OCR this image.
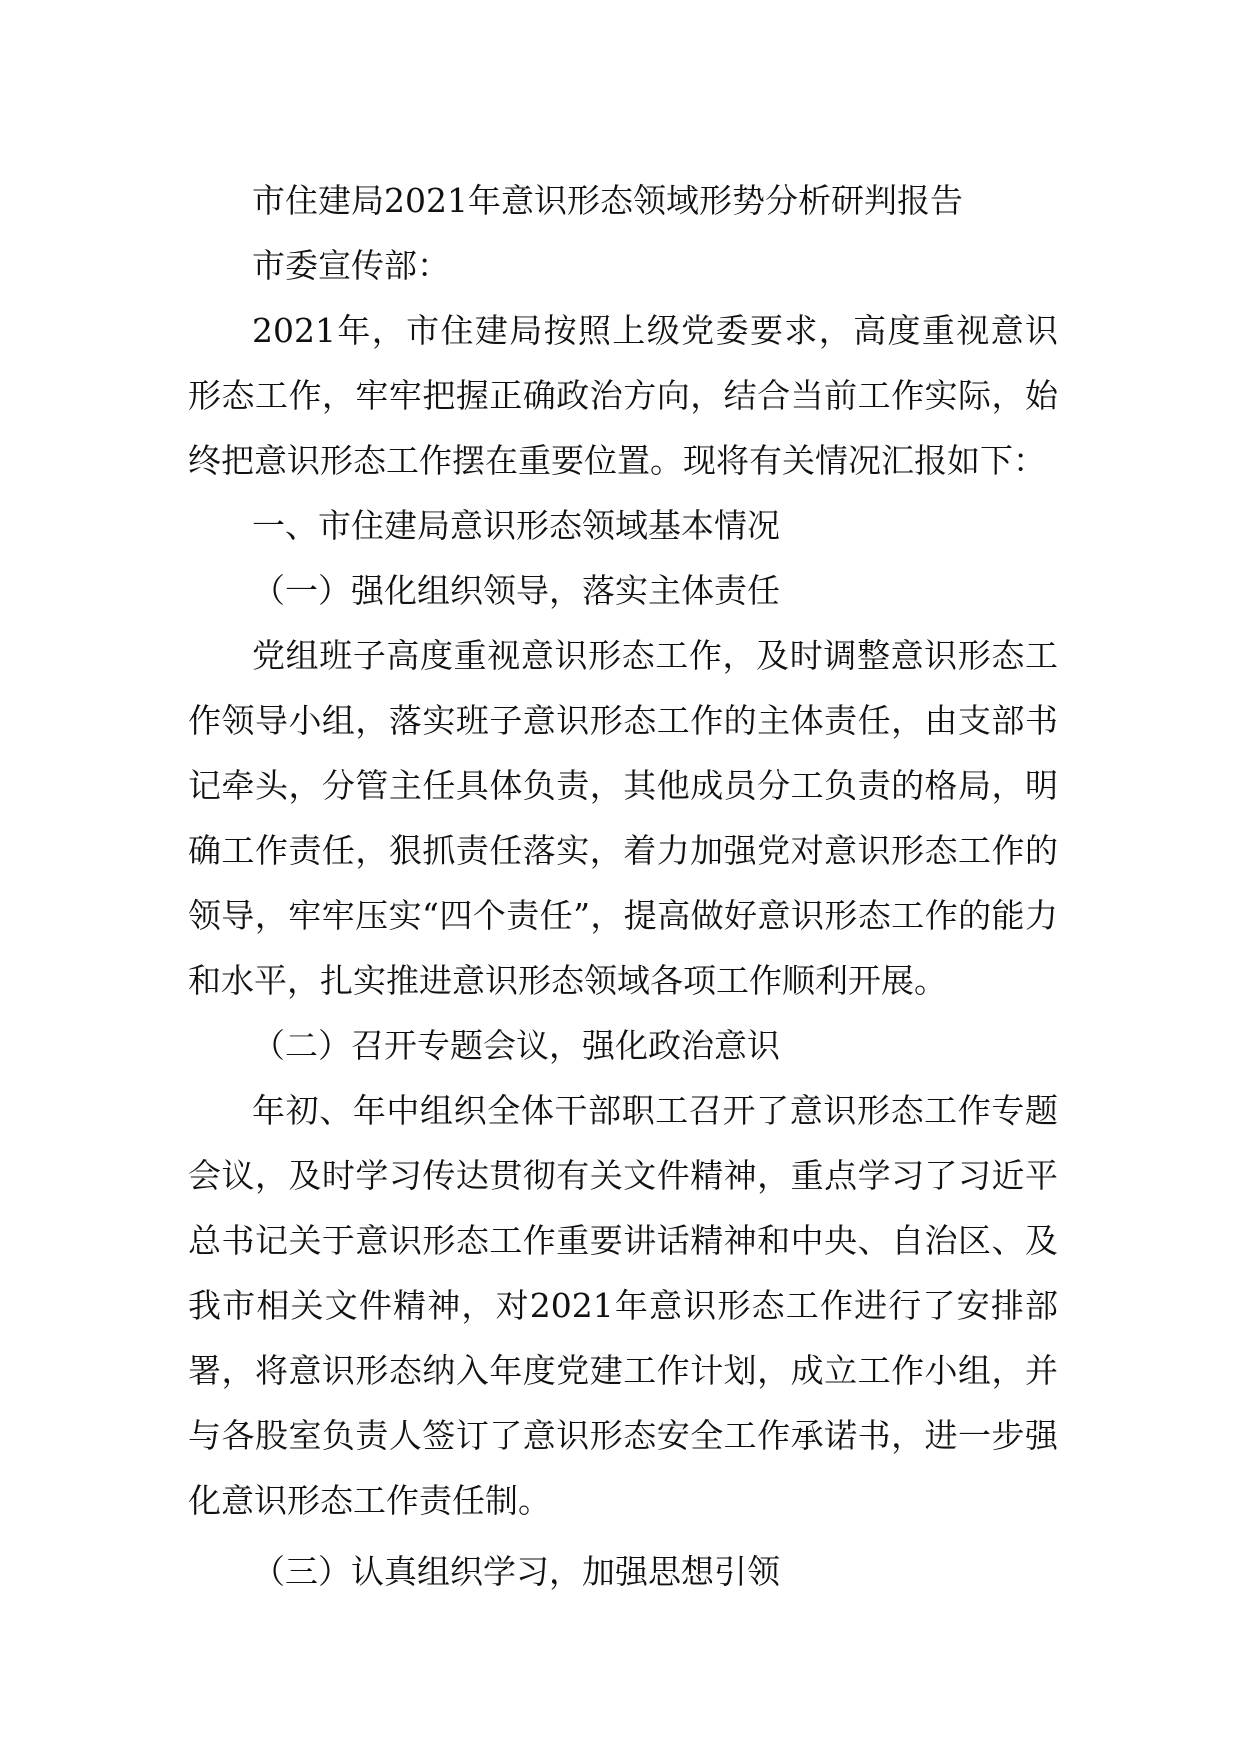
市住建局2021年意识形态领域形势分析研判报告

市委宣传部：

2021年，市住建局按照上级党委要求，高度重视意识形态工作，牢牢把握正确政治方向，结合当前工作实际，始终把意识形态工作摆在重要位置。现将有关情况汇报如下：

一、市住建局意识形态领域基本情况

（一）强化组织领导，落实主体责任

党组班子高度重视意识形态工作，及时调整意识形态工作领导小组，落实班子意识形态工作的主体责任，由支部书记牵头，分管主任具体负责，其他成员分工负责的格局，明确工作责任，狠抓责任落实，着力加强党对意识形态工作的领导，牢牢压实“四个责任”，提高做好意识形态工作的能力和水平，扎实推进意识形态领域各项工作顺利开展。

（二）召开专题会议，强化政治意识

年初、年中组织全体干部职工召开了意识形态工作专题会议，及时学习传达贯彻有关文件精神，重点学习了习近平总书记关于意识形态工作重要讲话精神和中央、自治区、及我市相关文件精神，对2021年意识形态工作进行了安排部署，将意识形态纳入年度党建工作计划，成立工作小组，并与各股室负责人签订了意识形态安全工作承诺书，进一步强化意识形态工作责任制。

（三）认真组织学习，加强思想引领
